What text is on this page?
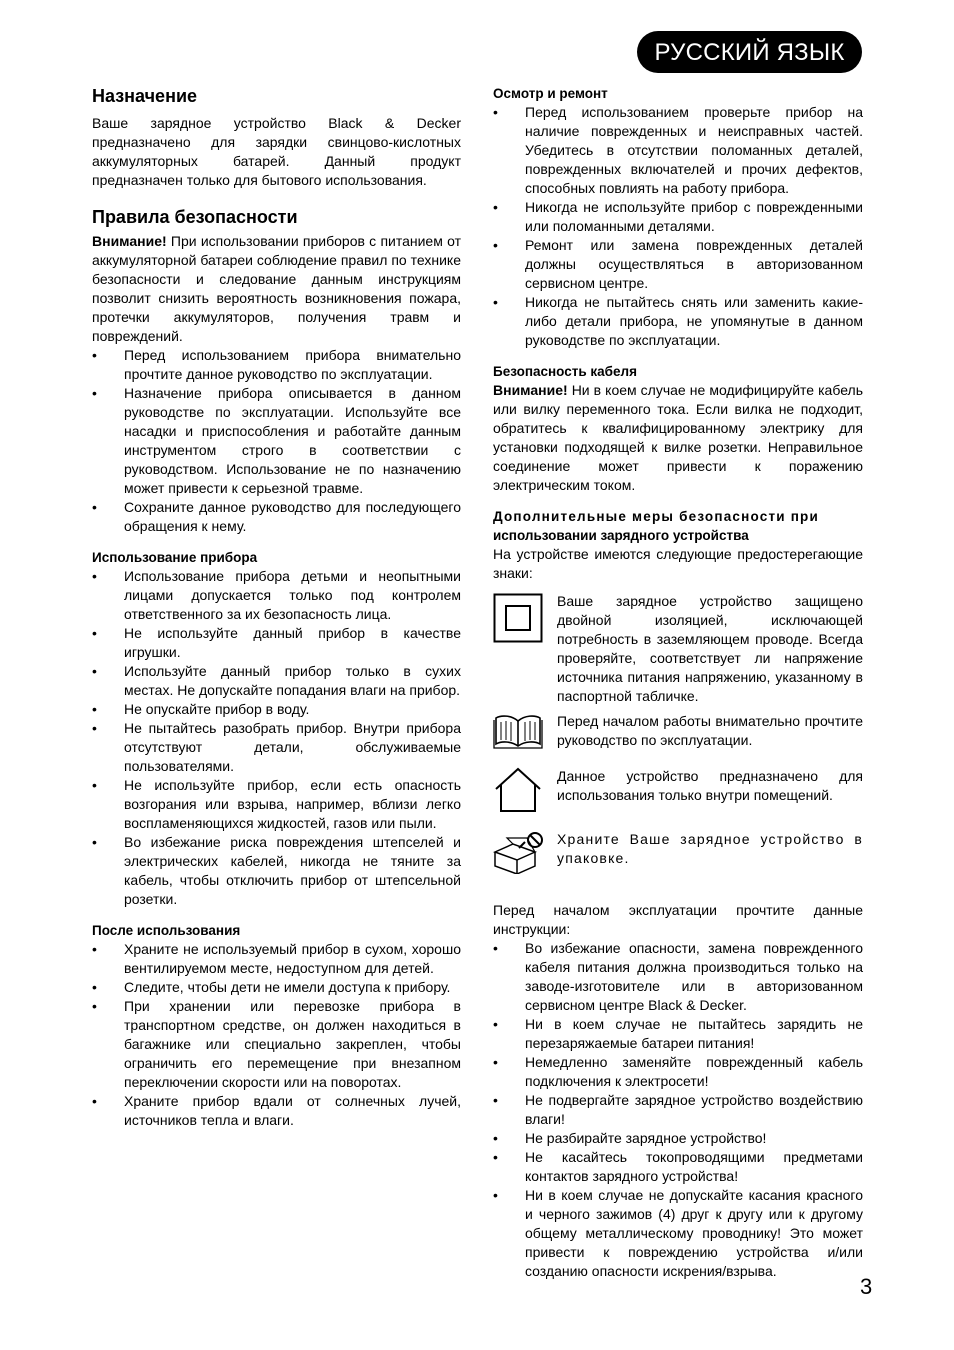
РУССКИЙ ЯЗЫК
Назначение

Ваше зарядное устройство Black & Decker предназначено для зарядки свинцово-кислотных аккумуляторных батарей. Данный продукт предназначен только для бытового использования.

Правила безопасности

Внимание! При использовании приборов с питанием от аккумуляторной батареи соблюдение правил по технике безопасности и следование данным инструкциям позволит снизить вероятность возникновения пожара, протечки аккумуляторов, получения травм и повреждений.

• Перед использованием прибора внимательно прочтите данное руководство по эксплуатации.
• Назначение прибора описывается в данном руководстве по эксплуатации. Используйте все насадки и приспособления и работайте данным инструментом строго в соответствии с руководством. Использование не по назначению может привести к серьезной травме.
• Сохраните данное руководство для последующего обращения к нему.
Использование прибора
• Использование прибора детьми и неопытными лицами допускается только под контролем ответственного за их безопасность лица.
• Не используйте данный прибор в качестве игрушки.
• Используйте данный прибор только в сухих местах. Не допускайте попадания влаги на прибор.
• Не опускайте прибор в воду.
• Не пытайтесь разобрать прибор. Внутри прибора отсутствуют детали, обслуживаемые пользователями.
• Не используйте прибор, если есть опасность возгорания или взрыва, например, вблизи легко воспламеняющихся жидкостей, газов или пыли.
• Во избежание риска повреждения штепселей и электрических кабелей, никогда не тяните за кабель, чтобы отключить прибор от штепсельной розетки.
После использования
• Храните не используемый прибор в сухом, хорошо вентилируемом месте, недоступном для детей.
• Следите, чтобы дети не имели доступа к прибору.
• При хранении или перевозке прибора в транспортном средстве, он должен находиться в багажнике или специально закреплен, чтобы ограничить его перемещение при внезапном переключении скорости или на поворотах.
• Храните прибор вдали от солнечных лучей, источников тепла и влаги.
Осмотр и ремонт
• Перед использованием проверьте прибор на наличие поврежденных и неисправных частей. Убедитесь в отсутствии поломанных деталей, поврежденных включателей и прочих дефектов, способных повлиять на работу прибора.
• Никогда не используйте прибор с поврежденными или поломанными деталями.
• Ремонт или замена поврежденных деталей должны осуществляться в авторизованном сервисном центре.
• Никогда не пытайтесь снять или заменить какие-либо детали прибора, не упомянутые в данном руководстве по эксплуатации.
Безопасность кабеля

Внимание! Ни в коем случае не модифицируйте кабель или вилку переменного тока. Если вилка не подходит, обратитесь к квалифицированному электрику для установки подходящей к вилке розетки. Неправильное соединение может привести к поражению электрическим током.

Дополнительные меры безопасности при
использовании зарядного устройства

На устройстве имеются следующие предостерегающие знаки:

Ваше зарядное устройство защищено двойной изоляцией, исключающей потребность в заземляющем проводе. Всегда проверяйте, соответствует ли напряжение источника питания напряжению, указанному в паспортной табличке.
Перед началом работы внимательно прочтите руководство по эксплуатации.
Данное устройство предназначено для использования только внутри помещений.
Храните Ваше зарядное устройство в упаковке.

Перед началом эксплуатации прочтите данные инструкции:

• Во избежание опасности, замена поврежденного кабеля питания должна производиться только на заводе-изготовителе или в авторизованном сервисном центре Black & Decker.
• Ни в коем случае не пытайтесь зарядить не перезаряжаемые батареи питания!
• Немедленно заменяйте поврежденный кабель подключения к электросети!
• Не подвергайте зарядное устройство воздействию влаги!
• Не разбирайте зарядное устройство!
• Не касайтесь токопроводящими предметами контактов зарядного устройства!
• Ни в коем случае не допускайте касания красного и черного зажимов (4) друг к другу или к другому общему металлическому проводнику! Это может привести к повреждению устройства и/или созданию опасности искрения/взрыва.
3
